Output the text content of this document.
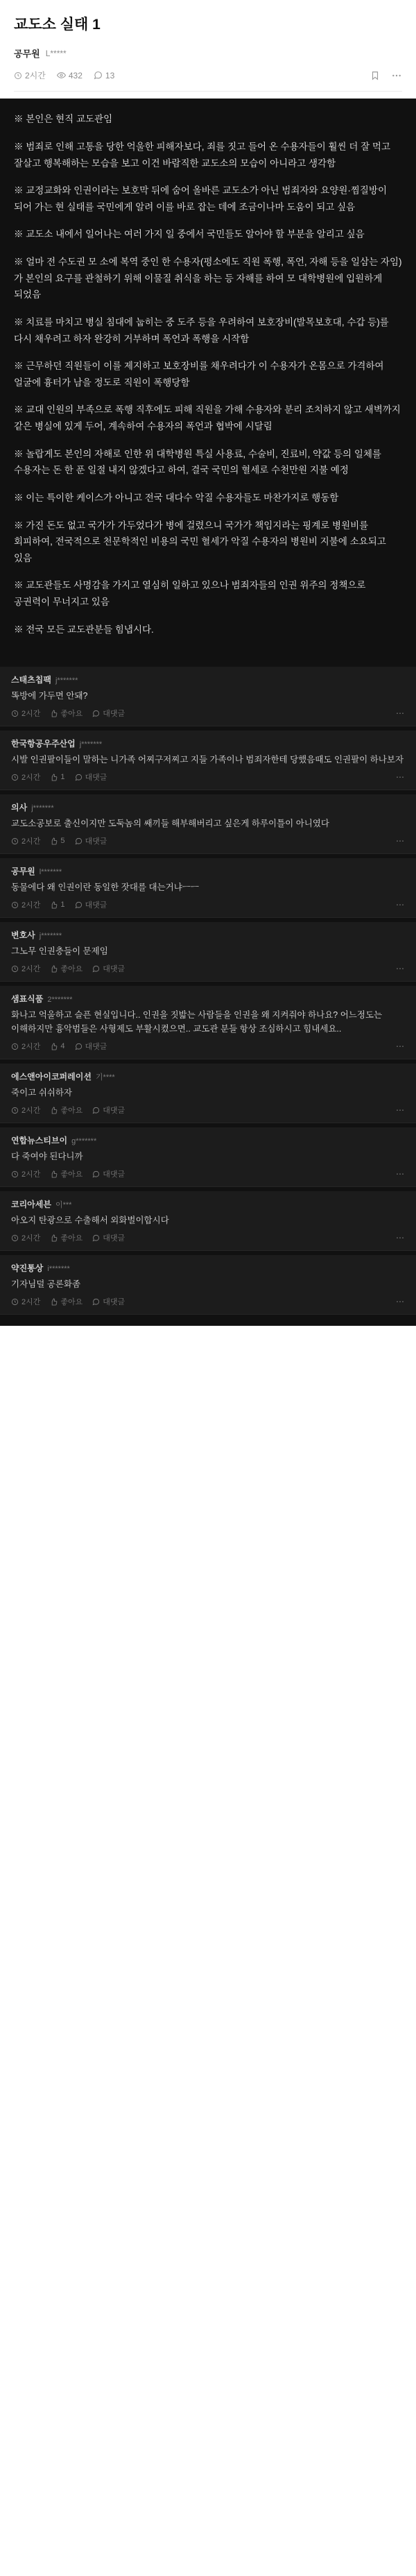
교도소 실태 1
공무원 L*****
2시간	432	13
※ 본인은 현직 교도관임
※ 범죄로 인해 고통을 당한 억울한 피해자보다, 죄를 짓고 들어 온 수용자들이 훨씬 더 잘 먹고 잘살고 행복해하는 모습을 보고 이건 바람직한 교도소의 모습이 아니라고 생각함
※ 교정교화와 인권이라는 보호막 뒤에 숨어 올바른 교도소가 아닌 범죄자와 요양원·찜질방이 되어 가는 현 실태를 국민에게 알려 이를 바로 잡는 데에 조금이나마 도움이 되고 싶음
※ 교도소 내에서 일어나는 여러 가지 일 중에서 국민들도 알아야 할 부분을 알리고 싶음
※ 얼마 전 수도권 모 소에 복역 중인 한 수용자(평소에도 직원 폭행, 폭언, 자해 등을 일삼는 자임)가 본인의 요구를 관철하기 위해 이물질 취식을 하는 등 자해를 하여 모 대학병원에 입원하게 되었음
※ 치료를 마치고 병실 침대에 눕히는 중 도주 등을 우려하여 보호장비(발목보호대, 수갑 등)를 다시 채우려고 하자 완강히 거부하며 폭언과 폭행을 시작함
※ 근무하던 직원들이 이를 제지하고 보호장비를 채우려다가 이 수용자가 온몸으로 가격하여 얼굴에 흉터가 남을 정도로 직원이 폭행당함
※ 교대 인원의 부족으로 폭행 직후에도 피해 직원을 가해 수용자와 분리 조치하지 않고 새벽까지 같은 병실에 있게 두어, 계속하여 수용자의 폭언과 협박에 시달림
※ 놀랍게도 본인의 자해로 인한 위 대학병원 특실 사용료, 수술비, 진료비, 약값 등의 일체를 수용자는 돈 한 푼 일절 내지 않겠다고 하여, 결국 국민의 혈세로 수천만원 지불 예정
※ 이는 특이한 케이스가 아니고 전국 대다수 악질 수용자들도 마찬가지로 행동함
※ 가진 돈도 없고 국가가 가두었다가 병에 걸렸으니 국가가 책임지라는 핑계로 병원비를 회피하여, 전국적으로 천문학적인 비용의 국민 혈세가 악질 수용자의 병원비 지불에 소요되고 있음
※ 교도관들도 사명감을 가지고 열심히 일하고 있으나 범죄자들의 인권 위주의 정책으로 공권력이 무너지고 있음
※ 전국 모든 교도관분들 힘냅시다.
스태츠칩팩 j*******
똑방에 가두면 안돼?
2시간	좋아요	대댓글	⋯
한국항공우주산업 j*******
시발 인권팔이들이 말하는 니가족 어찌구저찌고 지들 가족이나 범죄자한테 당했음때도 인권팔이 하나보자
2시간	1	대댓글	⋯
의사 j*******
교도소공보로 출신이지만 도둑놈의 쌔끼들 해부해버리고 싶은게 하루이틀이 아니였다
2시간	5	대댓글	⋯
공무원 l*******
동물에다 왜 인권이란 동일한 잣대를 대는거냐ㅡㅡ
2시간	1	대댓글	⋯
변호사 j*******
그노무 인권충들이 문제임
2시간	좋아요	대댓글	⋯
샘표식품 2*******
화나고 억울하고 슬픈 현실입니다.. 인권을 짓밟는 사람들을 인권을 왜 지켜줘야 하나요? 어느정도는 이해하지만 흉악범들은 사형제도 부활시켰으면.. 교도관 분들 항상 조심하시고 힘내세요..
2시간	4	대댓글	⋯
에스앤아이코퍼레이션 기****
죽이고 쉬쉬하자
2시간	좋아요	대댓글	⋯
연합뉴스티브이 g*******
다 죽여야 된다니까
2시간	좋아요	대댓글	⋯
코리아세븐 이***
아오지 탄광으로 수출해서 외화벌이합시다
2시간	좋아요	대댓글	⋯
약진통상 i*******
기자님덜 공론화좀
2시간	좋아요	대댓글	⋯
